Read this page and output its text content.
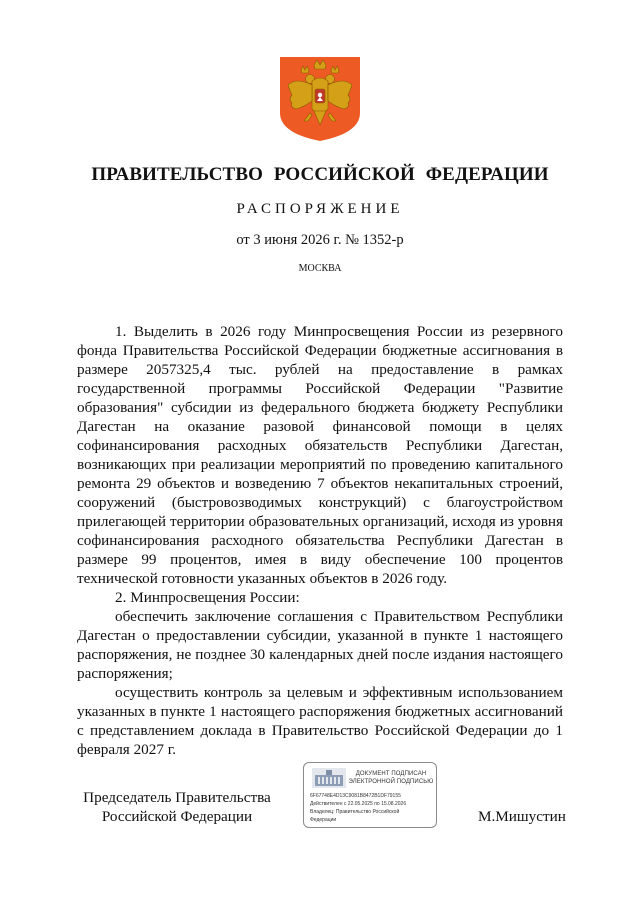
ПРАВИТЕЛЬСТВО РОССИЙСКОЙ ФЕДЕРАЦИИ
РАСПОРЯЖЕНИЕ
от 3 июня 2026 г. № 1352-р
МОСКВА

1. Выделить в 2026 году Минпросвещения России из резервного фонда Правительства Российской Федерации бюджетные ассигнования в размере 2057325,4 тыс. рублей на предоставление в рамках государственной программы Российской Федерации "Развитие образования" субсидии из федерального бюджета бюджету Республики Дагестан на оказание разовой финансовой помощи в целях софинансирования расходных обязательств Республики Дагестан, возникающих при реализации мероприятий по проведению капитального ремонта 29 объектов и возведению 7 объектов некапитальных строений, сооружений (быстровозводимых конструкций) с благоустройством прилегающей территории образовательных организаций, исходя из уровня софинансирования расходного обязательства Республики Дагестан в размере 99 процентов, имея в виду обеспечение 100 процентов технической готовности указанных объектов в 2026 году.

2. Минпросвещения России:

обеспечить заключение соглашения с Правительством Республики Дагестан о предоставлении субсидии, указанной в пункте 1 настоящего распоряжения, не позднее 30 календарных дней после издания настоящего распоряжения;

осуществить контроль за целевым и эффективным использованием указанных в пункте 1 настоящего распоряжения бюджетных ассигнований с представлением доклада в Правительство Российской Федерации до 1 февраля 2027 г.

Председатель Правительства
Российской Федерации
ДОКУМЕНТ ПОДПИСАН
ЭЛЕКТРОННОЙ ПОДПИСЬЮ
6F67748E4D13C9081B8472B1DF79155
Действителен с 22.05.2025 по 15.08.2026
Владелец: Правительство Российской
Федерации	М.Мишустин
